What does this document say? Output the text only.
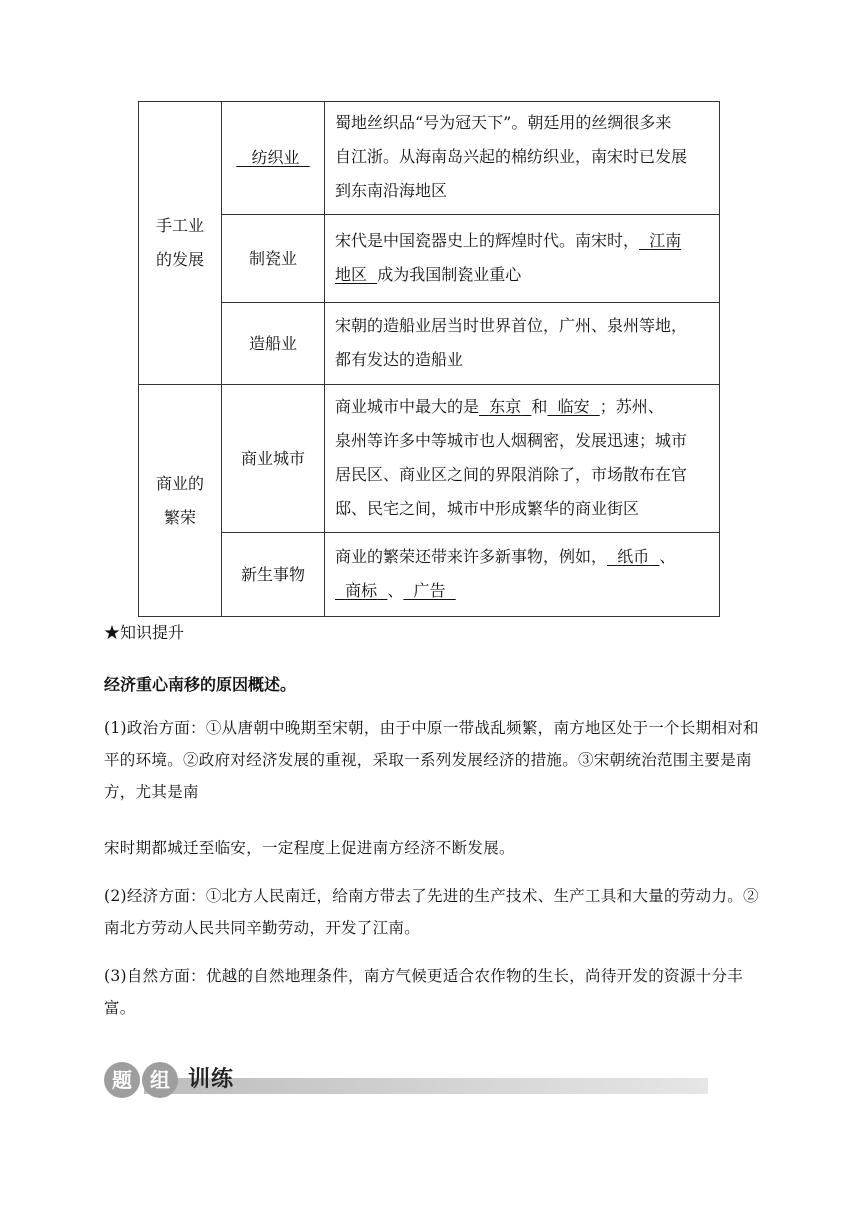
手工业
的发展	纺织业	蜀地丝织品“号为冠天下”。朝廷用的丝绸很多来
自江浙。从海南岛兴起的棉纺织业，南宋时已发展
到东南沿海地区
	制瓷业	宋代是中国瓷器史上的辉煌时代。南宋时， 江南
地区 成为我国制瓷业重心
	造船业	宋朝的造船业居当时世界首位，广州、泉州等地，
都有发达的造船业
商业的
繁荣	商业城市	商业城市中最大的是 东京 和 临安 ；苏州、
泉州等许多中等城市也人烟稠密，发展迅速；城市
居民区、商业区之间的界限消除了，市场散布在官
邸、民宅之间，城市中形成繁华的商业街区
	新生事物	商业的繁荣还带来许多新事物，例如， 纸币 、
商标 、 广告
★知识提升
经济重心南移的原因概述。

(1)政治方面：①从唐朝中晚期至宋朝，由于中原一带战乱频繁，南方地区处于一个长期相对和平的环境。②政府对经济发展的重视，采取一系列发展经济的措施。③宋朝统治范围主要是南方，尤其是南

宋时期都城迁至临安，一定程度上促进南方经济不断发展。

(2)经济方面：①北方人民南迁，给南方带去了先进的生产技术、生产工具和大量的劳动力。②南北方劳动人民共同辛勤劳动，开发了江南。

(3)自然方面：优越的自然地理条件，南方气候更适合农作物的生长，尚待开发的资源十分丰富。

>>>实践性
题 组 训练
